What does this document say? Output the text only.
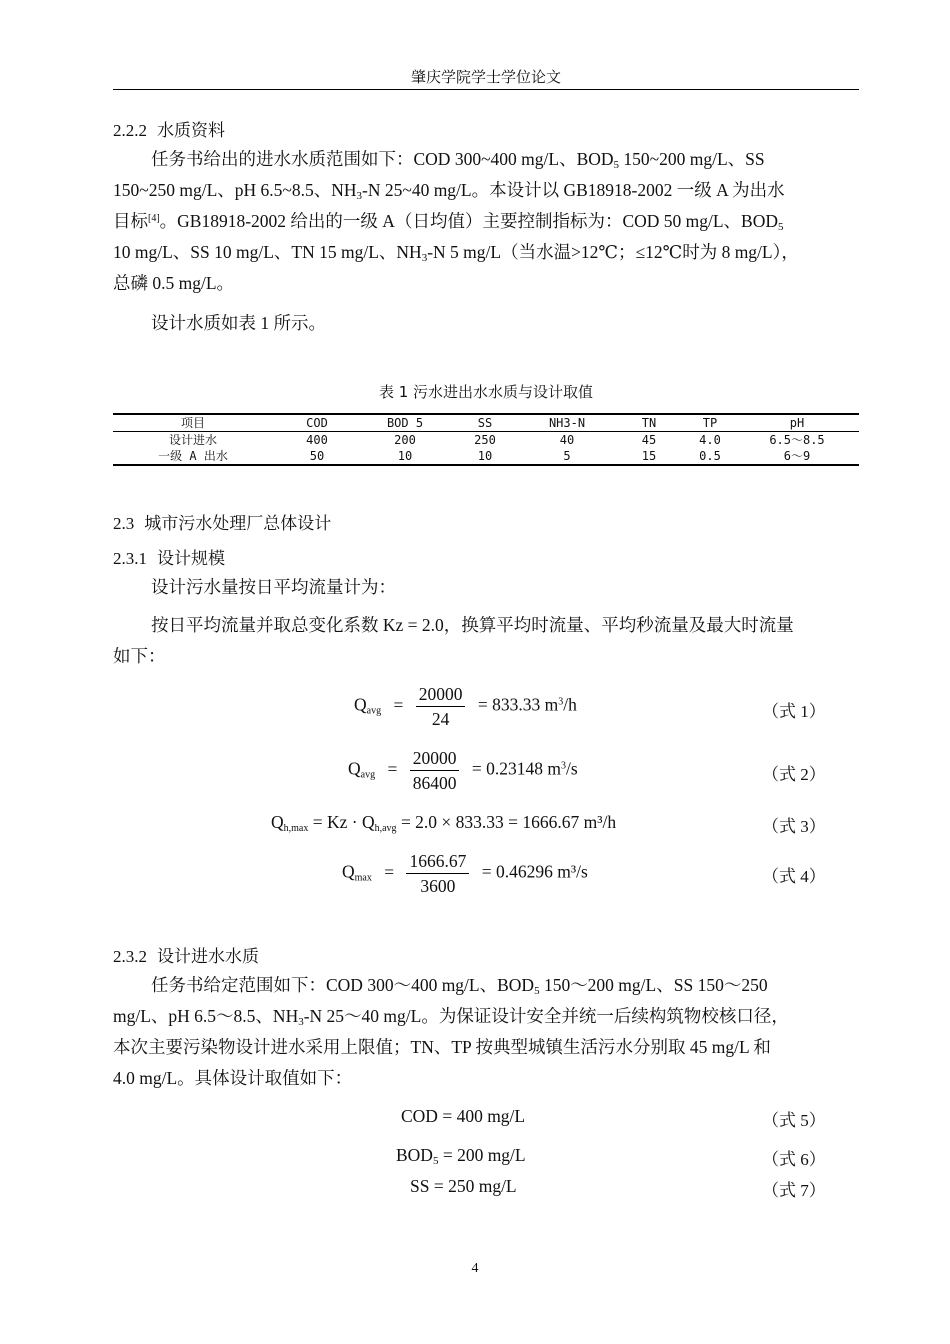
肇庆学院学士学位论文
2.2.2 水质资料
任务书给出的进水水质范围如下：COD 300~400 mg/L、$BOD_5$ 150~200 mg/L、SS
150~250 mg/L、pH 6.5~8.5、$NH_3-N$ 25~40 mg/L。本设计以 GB18918-2002 一级 A 为出水
目标[4]。GB18918-2002 给出的一级 A（日均值）主要控制指标为：COD 50 mg/L、$BOD_5$
10 mg/L、SS 10 mg/L、TN 15 mg/L、$NH_3-N$ 5 mg/L（当水温>12℃；≤12℃时为 8 mg/L），
总磷 0.5 mg/L。
设计水质如表 1 所示。
表 1 污水进出水水质与设计取值
项目	COD	BOD 5	SS	NH3-N	TN	TP	pH
设计进水	400	200	250	40	45	4.0	6.5～8.5
一级 A 出水	50	10	10	5	15	0.5	6～9
2.3 城市污水处理厂总体设计
2.3.1 设计规模
设计污水量按日平均流量计为：
按日平均流量并取总变化系数 Kz = 2.0，换算平均时流量、平均秒流量及最大时流量
如下：
$Q_{avg} = \frac{20000}{24} = 833.33$ $m^3/h$	（式 1）
$Q_{avg} = \frac{20000}{86400} = 0.23148$ $m^3/s$	（式 2）
$Q_{h,max} = Kz \cdot Q_{h,avg} = 2.0 \times 833.33 = 1666.67$ m³/h	（式 3）
$Q_{max} = \frac{1666.67}{3600} = 0.46296$ m³/s	（式 4）
2.3.2 设计进水水质
任务书给定范围如下：COD 300～400 mg/L、$BOD_5$ 150～200 mg/L、SS 150～250
mg/L、pH 6.5～8.5、$NH_3-N$ 25～40 mg/L。为保证设计安全并统一后续构筑物校核口径，
本次主要污染物设计进水采用上限值；TN、TP 按典型城镇生活污水分别取 45 mg/L 和
4.0 mg/L。具体设计取值如下：
COD = 400 mg/L	（式 5）
$BOD_5 = 200$ mg/L	（式 6）
SS = 250 mg/L	（式 7）
4
